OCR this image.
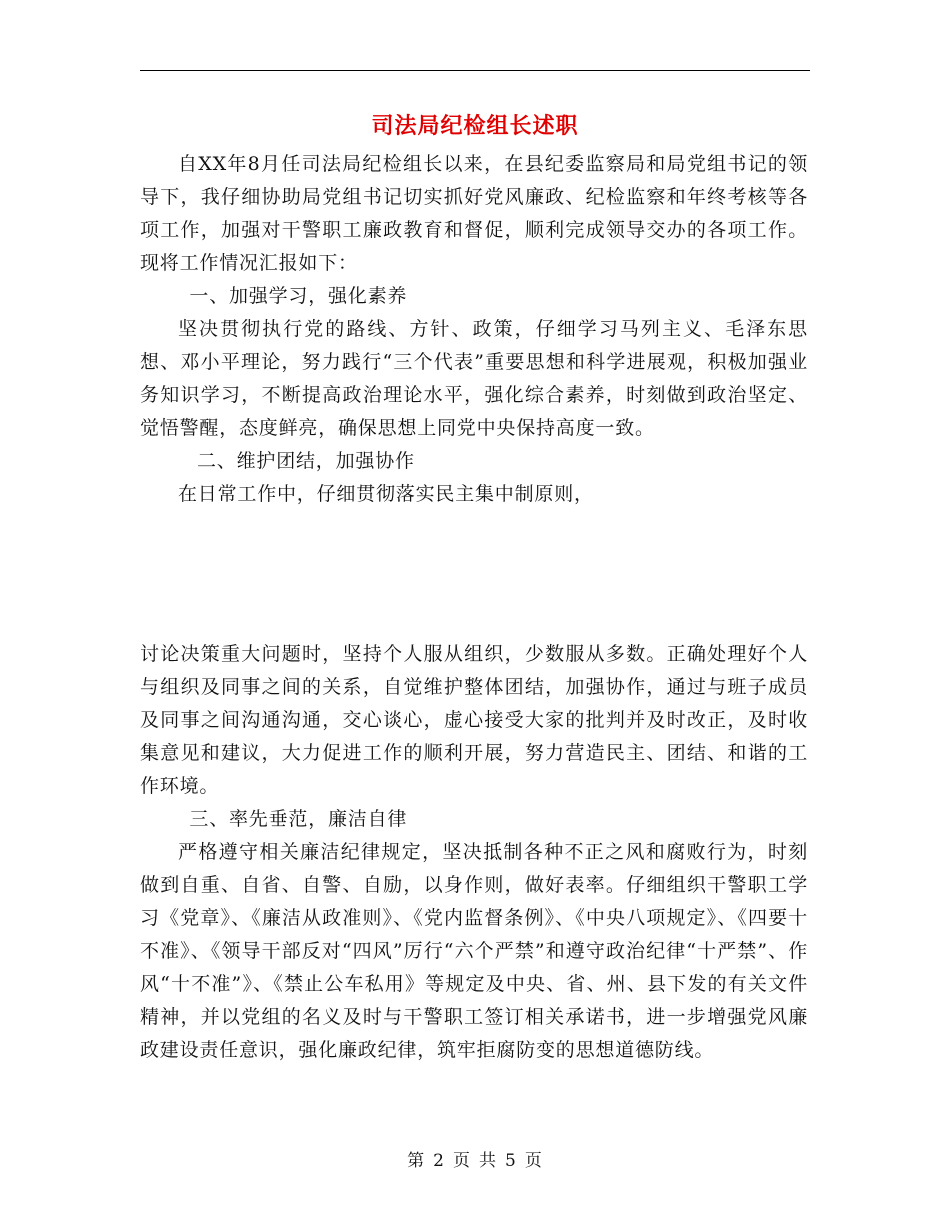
司法局纪检组长述职

自XX年8月任司法局纪检组长以来，在县纪委监察局和局党组书记的领导下，我仔细协助局党组书记切实抓好党风廉政、纪检监察和年终考核等各项工作，加强对干警职工廉政教育和督促，顺利完成领导交办的各项工作。现将工作情况汇报如下：

一、加强学习，强化素养

坚决贯彻执行党的路线、方针、政策，仔细学习马列主义、毛泽东思想、邓小平理论，努力践行“三个代表”重要思想和科学进展观，积极加强业务知识学习，不断提高政治理论水平，强化综合素养，时刻做到政治坚定、觉悟警醒，态度鲜亮，确保思想上同党中央保持高度一致。

二、维护团结，加强协作

在日常工作中，仔细贯彻落实民主集中制原则，

讨论决策重大问题时，坚持个人服从组织，少数服从多数。正确处理好个人与组织及同事之间的关系，自觉维护整体团结，加强协作，通过与班子成员及同事之间沟通沟通，交心谈心，虚心接受大家的批判并及时改正，及时收集意见和建议，大力促进工作的顺利开展，努力营造民主、团结、和谐的工作环境。

三、率先垂范，廉洁自律

严格遵守相关廉洁纪律规定，坚决抵制各种不正之风和腐败行为，时刻做到自重、自省、自警、自励，以身作则，做好表率。仔细组织干警职工学习《党章》、《廉洁从政准则》、《党内监督条例》、《中央八项规定》、《四要十不准》、《领导干部反对“四风”厉行“六个严禁”和遵守政治纪律“十严禁”、作风“十不准”》、《禁止公车私用》等规定及中央、省、州、县下发的有关文件精神，并以党组的名义及时与干警职工签订相关承诺书，进一步增强党风廉政建设责任意识，强化廉政纪律，筑牢拒腐防变的思想道德防线。

第 2 页 共 5 页
